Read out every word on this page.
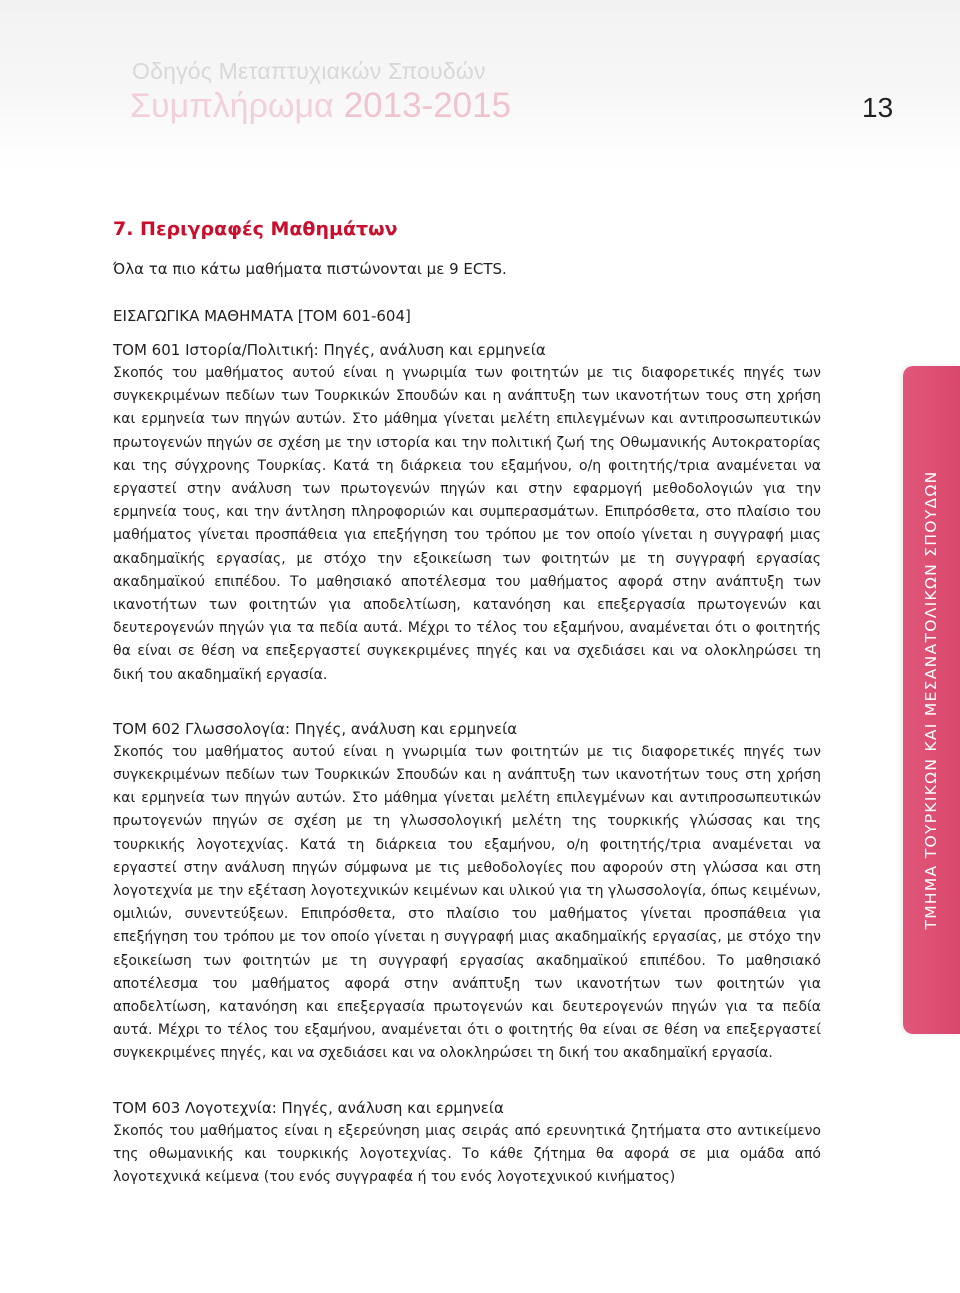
Οδηγός Μεταπτυχιακών Σπουδών
Συμπλήρωμα 2013-2015	13
ΤΜΗΜΑ ΤΟΥΡΚΙΚΩΝ ΚΑΙ ΜΕΣΑΝΑΤΟΛΙΚΩΝ ΣΠΟΥΔΩΝ
7. Περιγραφές Μαθημάτων

Όλα τα πιο κάτω μαθήματα πιστώνονται με 9 ECTS.

ΕΙΣΑΓΩΓΙΚΑ ΜΑΘΗΜΑΤΑ [ΤΟΜ 601-604]

ΤΟΜ 601 Ιστορία/Πολιτική: Πηγές, ανάλυση και ερμηνεία

Σκοπός του μαθήματος αυτού είναι η γνωριμία των φοιτητών με τις διαφορετικές πηγές των συγκεκριμένων πεδίων των Τουρκικών Σπουδών και η ανάπτυξη των ικανοτήτων τους στη χρήση και ερμηνεία των πηγών αυτών. Στο μάθημα γίνεται μελέτη επιλεγμένων και αντιπροσωπευτικών πρωτογενών πηγών σε σχέση με την ιστορία και την πολιτική ζωή της Οθωμανικής Αυτοκρατορίας και της σύγχρονης Τουρκίας. Κατά τη διάρκεια του εξαμήνου, ο/η φοιτητής/τρια αναμένεται να εργαστεί στην ανάλυση των πρωτογενών πηγών και στην εφαρμογή μεθοδολογιών για την ερμηνεία τους, και την άντληση πληροφοριών και συμπερασμάτων. Επιπρόσθετα, στο πλαίσιο του μαθήματος γίνεται προσπάθεια για επεξήγηση του τρόπου με τον οποίο γίνεται η συγγραφή μιας ακαδημαϊκής εργασίας, με στόχο την εξοικείωση των φοιτητών με τη συγγραφή εργασίας ακαδημαϊκού επιπέδου. Το μαθησιακό αποτέλεσμα του μαθήματος αφορά στην ανάπτυξη των ικανοτήτων των φοιτητών για αποδελτίωση, κατανόηση και επεξεργασία πρωτογενών και δευτερογενών πηγών για τα πεδία αυτά. Μέχρι το τέλος του εξαμήνου, αναμένεται ότι ο φοιτητής θα είναι σε θέση να επεξεργαστεί συγκεκριμένες πηγές και να σχεδιάσει και να ολοκληρώσει τη δική του ακαδημαϊκή εργασία.

ΤΟΜ 602 Γλωσσολογία: Πηγές, ανάλυση και ερμηνεία

Σκοπός του μαθήματος αυτού είναι η γνωριμία των φοιτητών με τις διαφορετικές πηγές των συγκεκριμένων πεδίων των Τουρκικών Σπουδών και η ανάπτυξη των ικανοτήτων τους στη χρήση και ερμηνεία των πηγών αυτών. Στο μάθημα γίνεται μελέτη επιλεγμένων και αντιπροσωπευτικών πρωτογενών πηγών σε σχέση με τη γλωσσολογική μελέτη της τουρκικής γλώσσας και της τουρκικής λογοτεχνίας. Κατά τη διάρκεια του εξαμήνου, ο/η φοιτητής/τρια αναμένεται να εργαστεί στην ανάλυση πηγών σύμφωνα με τις μεθοδολογίες που αφορούν στη γλώσσα και στη λογοτεχνία με την εξέταση λογοτεχνικών κειμένων και υλικού για τη γλωσσολογία, όπως κειμένων, ομιλιών, συνεντεύξεων. Επιπρόσθετα, στο πλαίσιο του μαθήματος γίνεται προσπάθεια για επεξήγηση του τρόπου με τον οποίο γίνεται η συγγραφή μιας ακαδημαϊκής εργασίας, με στόχο την εξοικείωση των φοιτητών με τη συγγραφή εργασίας ακαδημαϊκού επιπέδου. Το μαθησιακό αποτέλεσμα του μαθήματος αφορά στην ανάπτυξη των ικανοτήτων των φοιτητών για αποδελτίωση, κατανόηση και επεξεργασία πρωτογενών και δευτερογενών πηγών για τα πεδία αυτά. Μέχρι το τέλος του εξαμήνου, αναμένεται ότι ο φοιτητής θα είναι σε θέση να επεξεργαστεί συγκεκριμένες πηγές, και να σχεδιάσει και να ολοκληρώσει τη δική του ακαδημαϊκή εργασία.

ΤΟΜ 603 Λογοτεχνία: Πηγές, ανάλυση και ερμηνεία

Σκοπός του μαθήματος είναι η εξερεύνηση μιας σειράς από ερευνητικά ζητήματα στο αντικείμενο της οθωμανικής και τουρκικής λογοτεχνίας. Το κάθε ζήτημα θα αφορά σε μια ομάδα από λογοτεχνικά κείμενα (του ενός συγγραφέα ή του ενός λογοτεχνικού κινήματος)
